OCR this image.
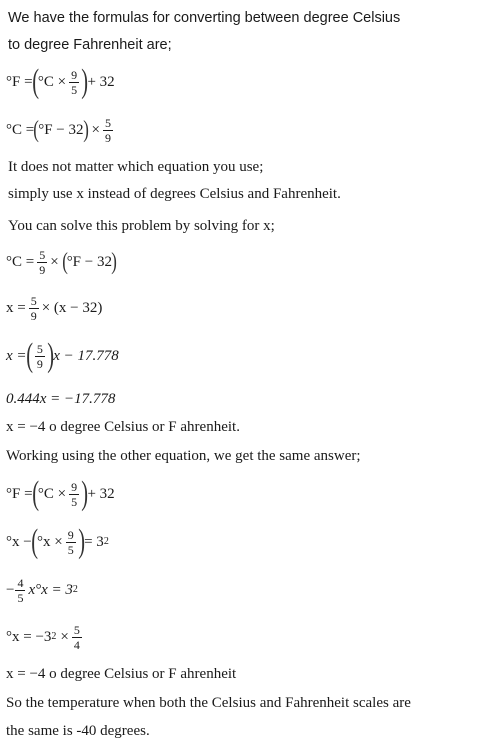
We have the formulas for converting between degree Celsius
to degree Fahrenheit are;
°F = ( $^\circ C \times \frac{9}{5}$ ) + 32
°C = ( °F − 32 ) × $\frac{5}{9}$
It does not matter which equation you use;
simply use x instead of degrees Celsius and Fahrenheit.
You can solve this problem by solving for x;
$^\circ C = \frac{5}{9}$ × ( °F − 32 )
$x = \frac{5}{9} \times (x - 32)$
x = ( $\frac{5}{9}$ ) x − 17.778
0.444x = −17.778
x = −4 o degree Celsius or F ahrenheit.
Working using the other equation, we get the same answer;
°F = ( $^\circ C \times \frac{9}{5}$ ) + 32
°x − ( $^\circ x \times \frac{9}{5}$ ) = 3 2
− $\frac{4}{5} x^\circ x = 3$ 2
°x = −3 $2 \times \frac{5}{4}$
x = −4 o degree Celsius or F ahrenheit
So the temperature when both the Celsius and Fahrenheit scales are
the same is -40 degrees.
